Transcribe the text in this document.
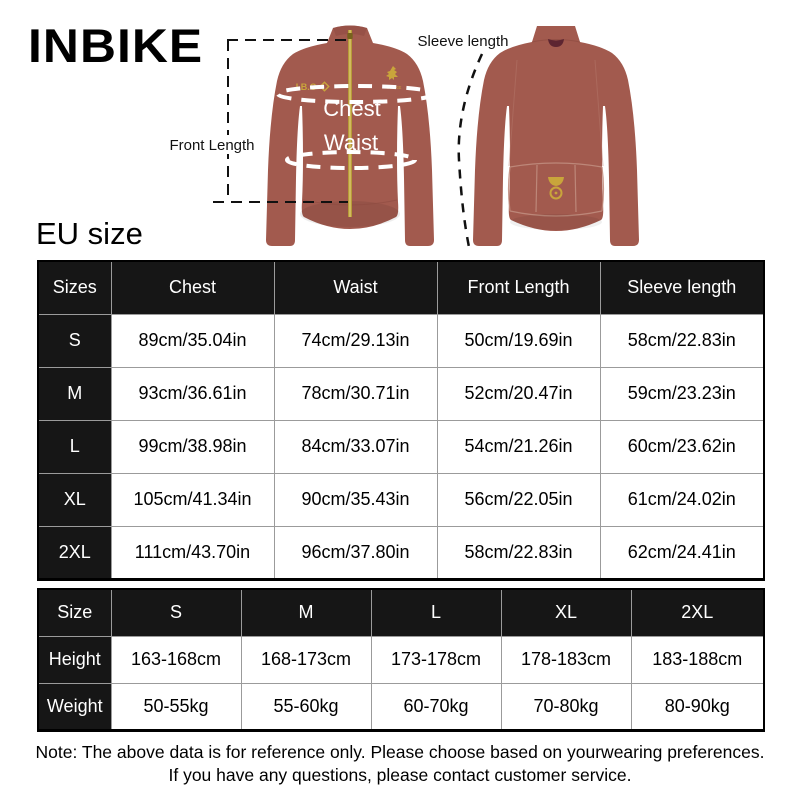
INBIKE
I.B.C	INBIKE
Chest
Waist
Front Length
Sleeve length
EU size
Sizes	Chest	Waist	Front Length	Sleeve length
S	89cm/35.04in	74cm/29.13in	50cm/19.69in	58cm/22.83in
M	93cm/36.61in	78cm/30.71in	52cm/20.47in	59cm/23.23in
L	99cm/38.98in	84cm/33.07in	54cm/21.26in	60cm/23.62in
XL	105cm/41.34in	90cm/35.43in	56cm/22.05in	61cm/24.02in
2XL	111cm/43.70in	96cm/37.80in	58cm/22.83in	62cm/24.41in
Size	S	M	L	XL	2XL
Height	163-168cm	168-173cm	173-178cm	178-183cm	183-188cm
Weight	50-55kg	55-60kg	60-70kg	70-80kg	80-90kg

Note: The above data is for reference only. Please choose based on yourwearing preferences.

If you have any questions, please contact customer service.
